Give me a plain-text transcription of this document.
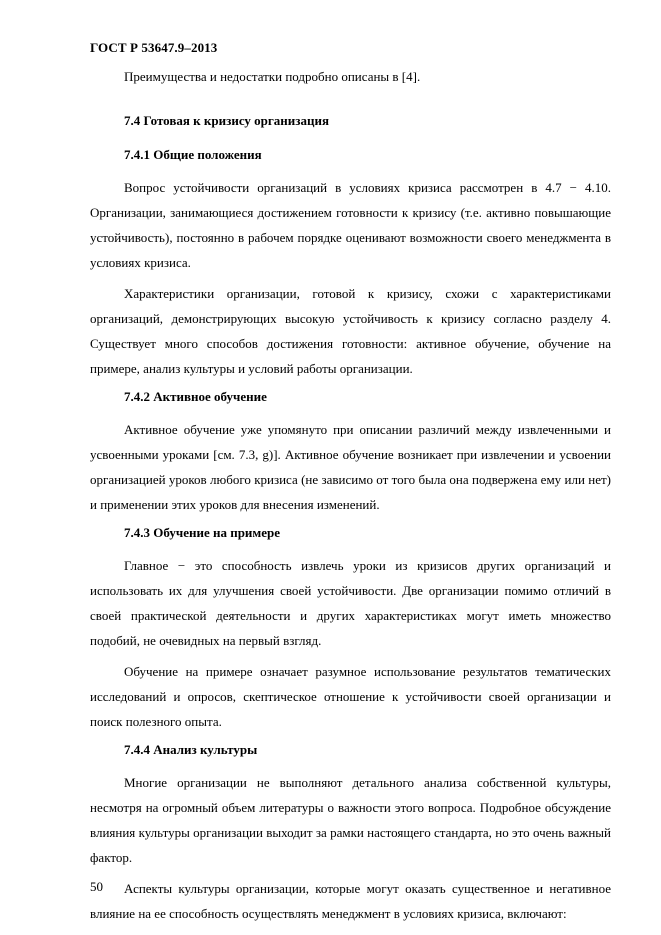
ГОСТ Р 53647.9–2013

Преимущества и недостатки подробно описаны в [4].

7.4 Готовая к кризису организация
7.4.1 Общие положения

Вопрос устойчивости организаций в условиях кризиса рассмотрен в 4.7 − 4.10. Организации, занимающиеся достижением готовности к кризису (т.е. активно повышающие устойчивость), постоянно в рабочем порядке оценивают возможности своего менеджмента в условиях кризиса.

Характеристики организации, готовой к кризису, схожи с характеристиками организаций, демонстрирующих высокую устойчивость к кризису согласно разделу 4. Существует много способов достижения готовности: активное обучение, обучение на примере, анализ культуры и условий работы организации.

7.4.2 Активное обучение

Активное обучение уже упомянуто при описании различий между извлеченными и усвоенными уроками [см. 7.3, g)]. Активное обучение возникает при извлечении и усвоении организацией уроков любого кризиса (не зависимо от того была она подвержена ему или нет) и применении этих уроков для внесения изменений.

7.4.3 Обучение на примере

Главное − это способность извлечь уроки из кризисов других организаций и использовать их для улучшения своей устойчивости. Две организации помимо отличий в своей практической деятельности и других характеристиках могут иметь множество подобий, не очевидных на первый взгляд.

Обучение на примере означает разумное использование результатов тематических исследований и опросов, скептическое отношение к устойчивости своей организации и поиск полезного опыта.

7.4.4 Анализ культуры

Многие организации не выполняют детального анализа собственной культуры, несмотря на огромный объем литературы о важности этого вопроса. Подробное обсуждение влияния культуры организации выходит за рамки настоящего стандарта, но это очень важный фактор.

Аспекты культуры организации, которые могут оказать существенное и негативное влияние на ее способность осуществлять менеджмент в условиях кризиса, включают:

50
